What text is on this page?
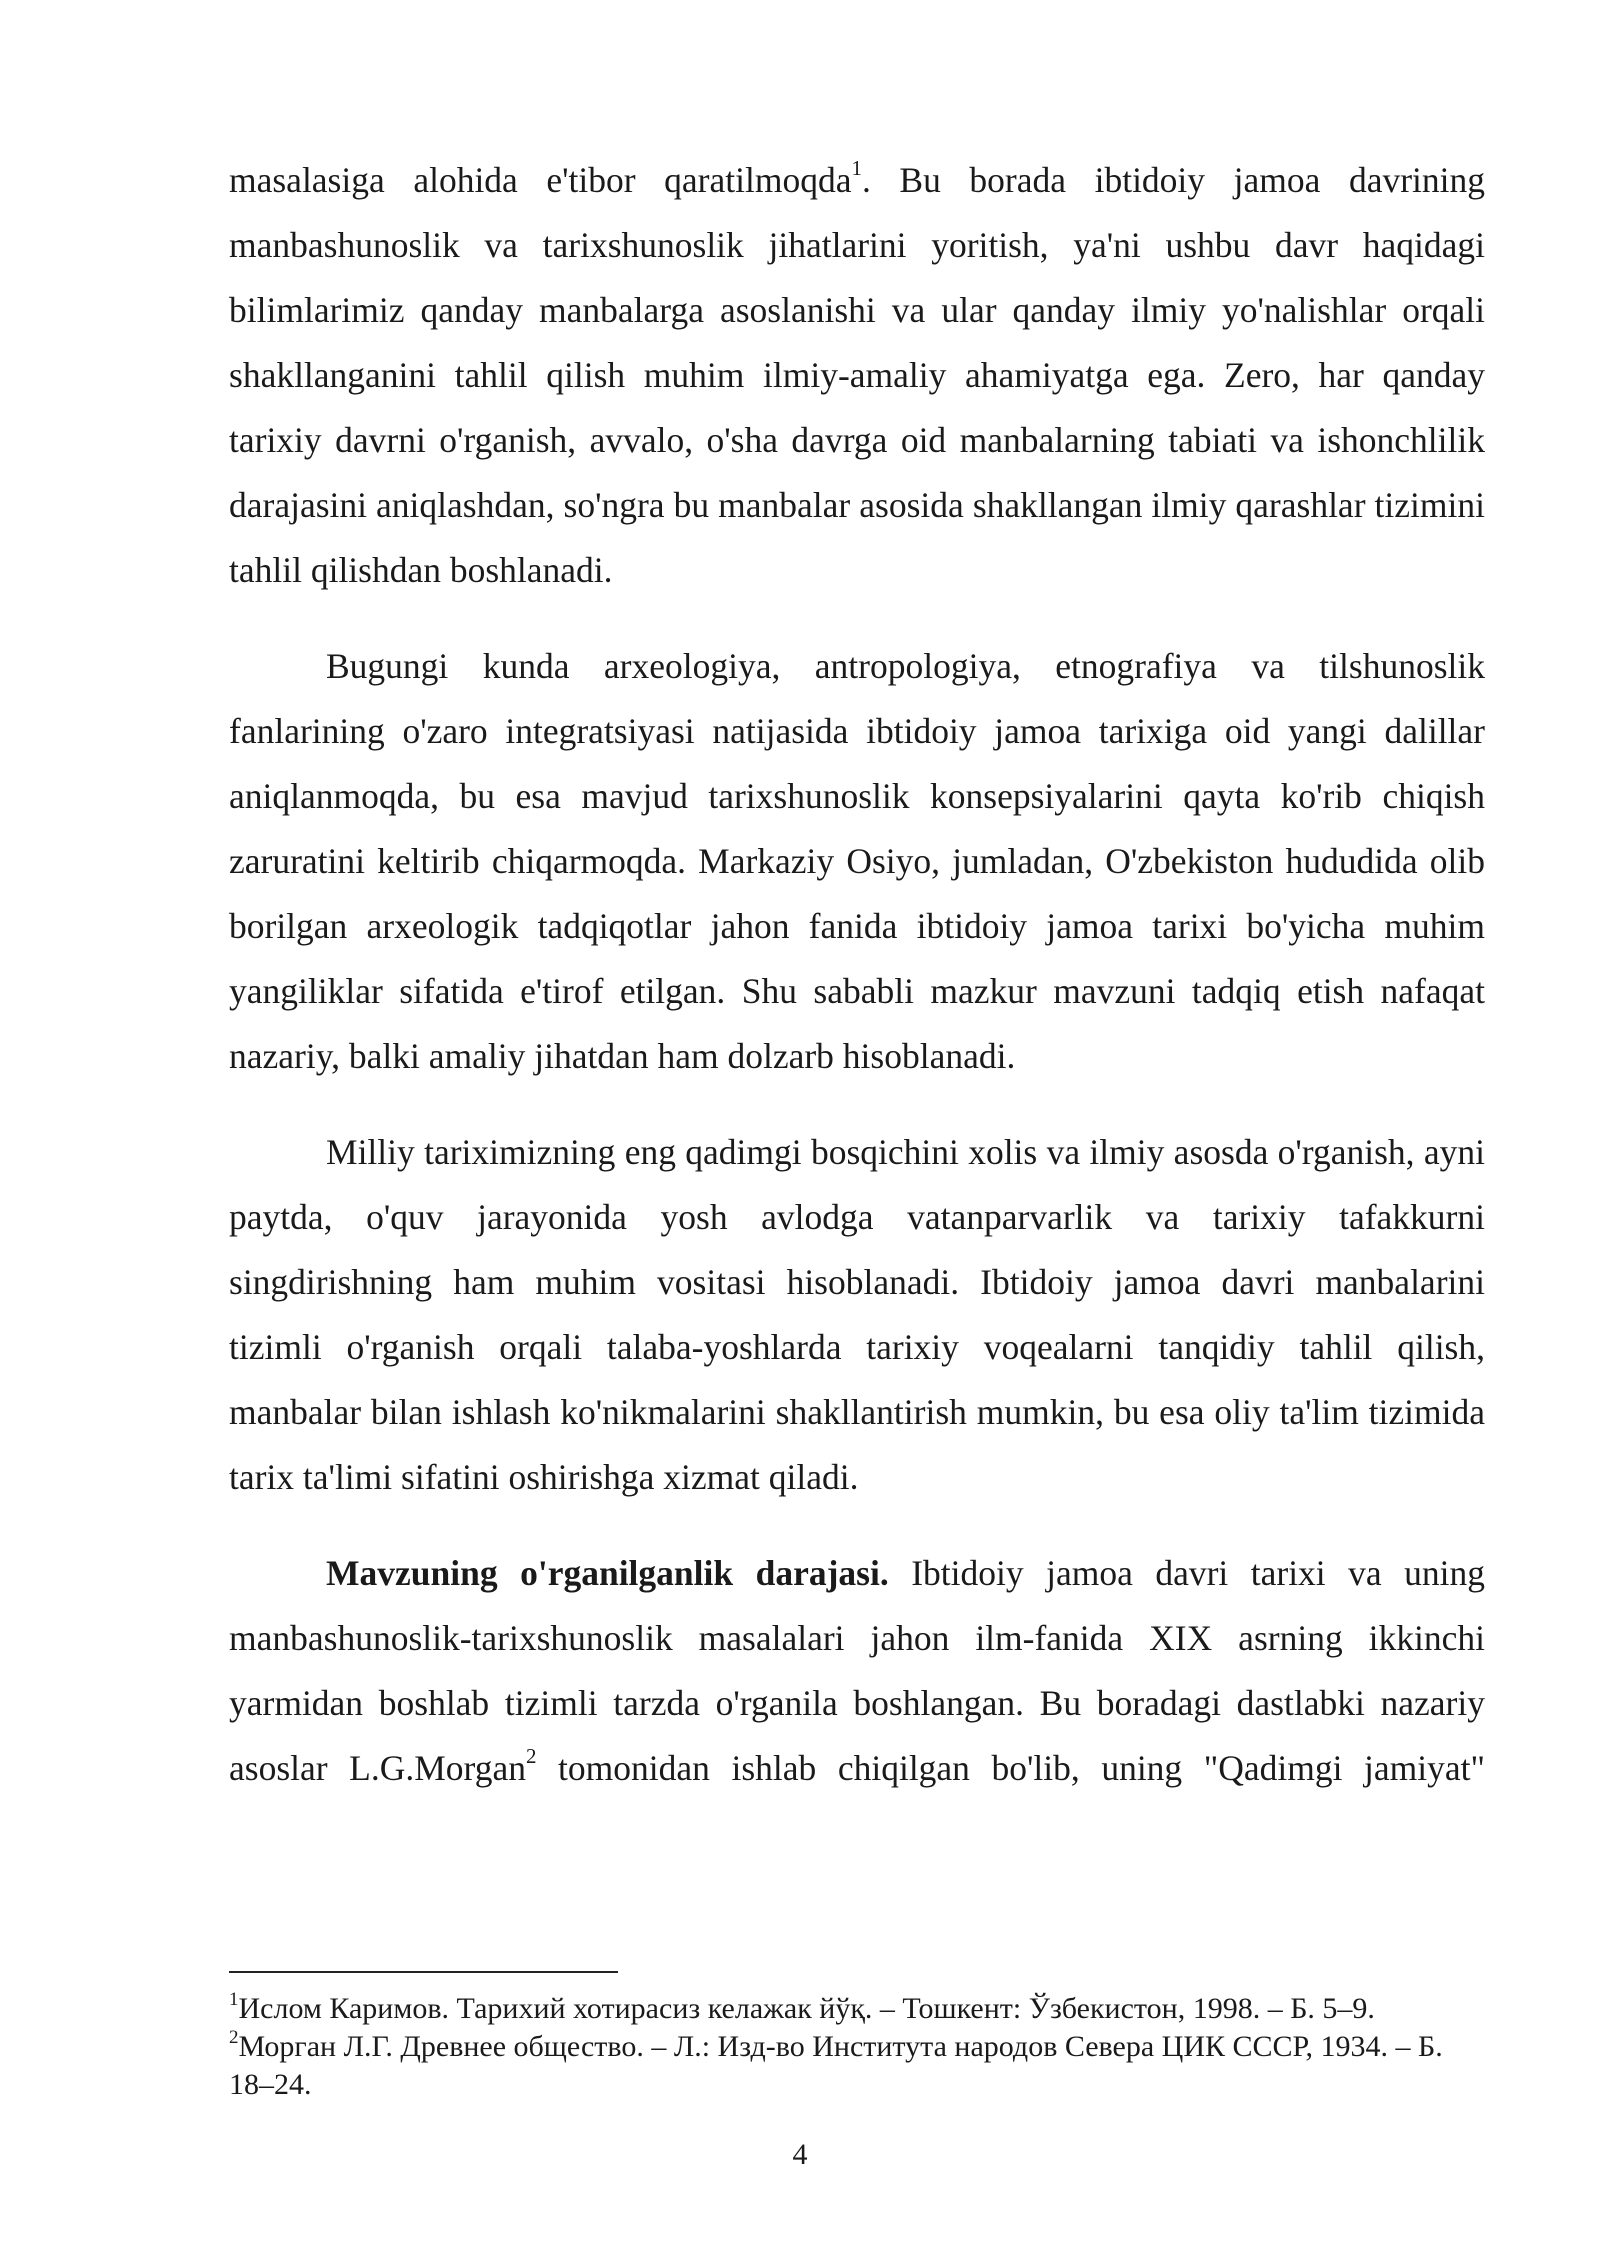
masalasiga alohida e'tibor qaratilmoqda$^1$. Bu borada ibtidoiy jamoa davrining manbashunoslik va tarixshunoslik jihatlarini yoritish, ya'ni ushbu davr haqidagi bilimlarimiz qanday manbalarga asoslanishi va ular qanday ilmiy yo'nalishlar orqali shakllanganini tahlil qilish muhim ilmiy-amaliy ahamiyatga ega. Zero, har qanday tarixiy davrni o'rganish, avvalo, o'sha davrga oid manbalarning tabiati va ishonchlilik darajasini aniqlashdan, so'ngra bu manbalar asosida shakllangan ilmiy qarashlar tizimini tahlil qilishdan boshlanadi.

Bugungi kunda arxeologiya, antropologiya, etnografiya va tilshunoslik fanlarining o'zaro integratsiyasi natijasida ibtidoiy jamoa tarixiga oid yangi dalillar aniqlanmoqda, bu esa mavjud tarixshunoslik konsepsiyalarini qayta ko'rib chiqish zaruratini keltirib chiqarmoqda. Markaziy Osiyo, jumladan, O'zbekiston hududida olib borilgan arxeologik tadqiqotlar jahon fanida ibtidoiy jamoa tarixi bo'yicha muhim yangiliklar sifatida e'tirof etilgan. Shu sababli mazkur mavzuni tadqiq etish nafaqat nazariy, balki amaliy jihatdan ham dolzarb hisoblanadi.

Milliy tariximizning eng qadimgi bosqichini xolis va ilmiy asosda o'rganish, ayni paytda, o'quv jarayonida yosh avlodga vatanparvarlik va tarixiy tafakkurni singdirishning ham muhim vositasi hisoblanadi. Ibtidoiy jamoa davri manbalarini tizimli o'rganish orqali talaba-yoshlarda tarixiy voqealarni tanqidiy tahlil qilish, manbalar bilan ishlash ko'nikmalarini shakllantirish mumkin, bu esa oliy ta'lim tizimida tarix ta'limi sifatini oshirishga xizmat qiladi.

Mavzuning o'rganilganlik darajasi. Ibtidoiy jamoa davri tarixi va uning manbashunoslik-tarixshunoslik masalalari jahon ilm-fanida XIX asrning ikkinchi yarmidan boshlab tizimli tarzda o'rganila boshlangan. Bu boradagi dastlabki nazariy asoslar L.G.Morgan$^2$ tomonidan ishlab chiqilgan bo'lib, uning "Qadimgi jamiyat"

$^1$Ислом Каримов. Тарихий хотирасиз келажак йўқ. – Тошкент: Ўзбекистон, 1998. – Б. 5–9.

$^2$Морган Л.Г. Древнее общество. – Л.: Изд-во Института народов Севера ЦИК СССР, 1934. – Б. 18–24.

4
